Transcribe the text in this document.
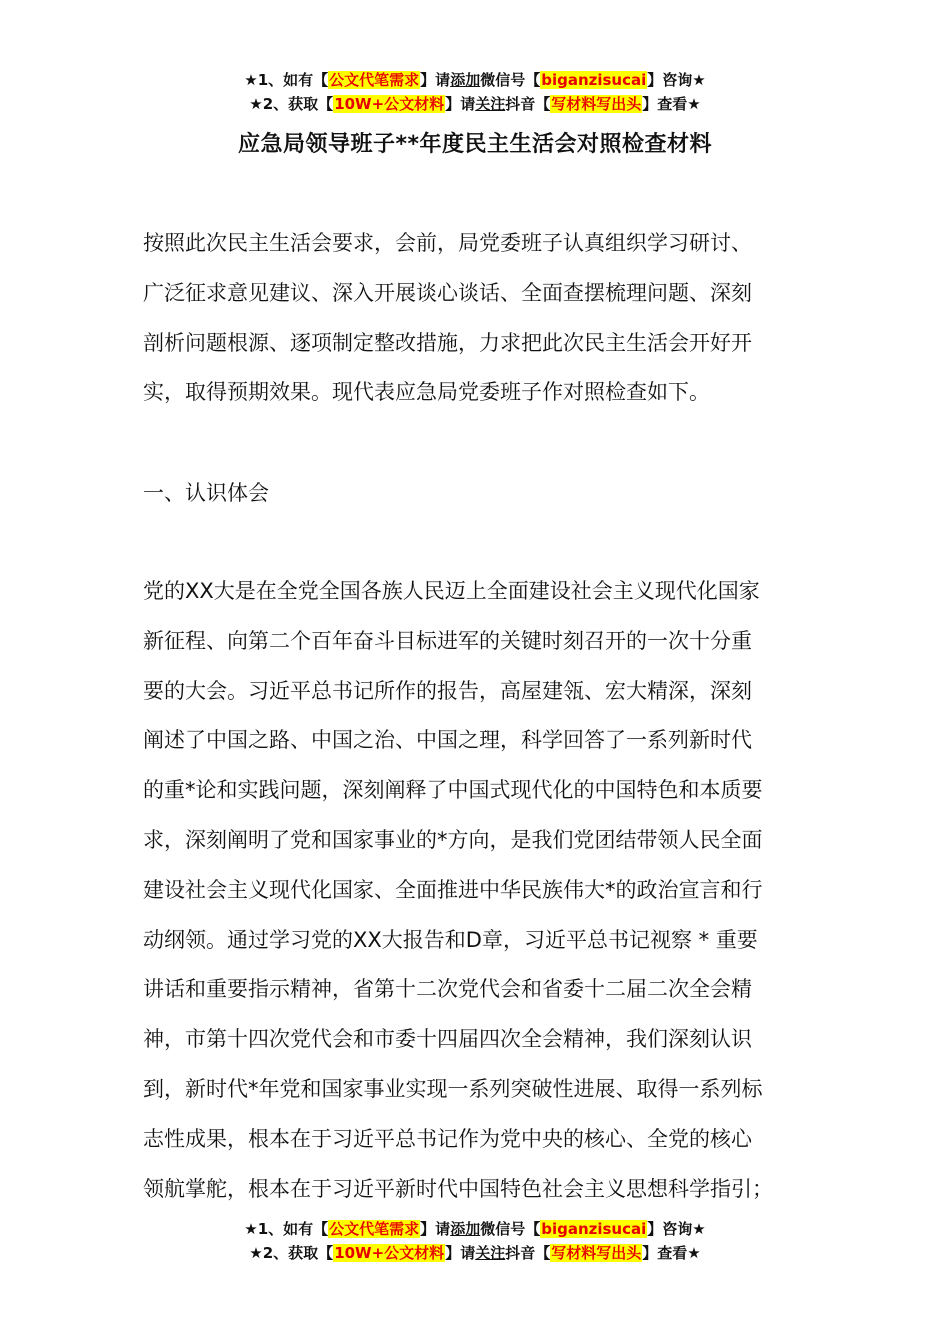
★1、如有【公文代笔需求】请添加微信号【biganzisucai】咨询★
★2、获取【10W+公文材料】请关注抖音【写材料写出头】查看★
应急局领导班子**年度民主生活会对照检查材料
按照此次民主生活会要求，会前，局党委班子认真组织学习研讨、
广泛征求意见建议、深入开展谈心谈话、全面查摆梳理问题、深刻
剖析问题根源、逐项制定整改措施，力求把此次民主生活会开好开
实，取得预期效果。现代表应急局党委班子作对照检查如下。
一、认识体会
党的XX大是在全党全国各族人民迈上全面建设社会主义现代化国家
新征程、向第二个百年奋斗目标进军的关键时刻召开的一次十分重
要的大会。习近平总书记所作的报告，高屋建瓴、宏大精深，深刻
阐述了中国之路、中国之治、中国之理，科学回答了一系列新时代
的重*论和实践问题，深刻阐释了中国式现代化的中国特色和本质要
求，深刻阐明了党和国家事业的*方向，是我们党团结带领人民全面
建设社会主义现代化国家、全面推进中华民族伟大*的政治宣言和行
动纲领。通过学习党的XX大报告和D章，习近平总书记视察 * 重要
讲话和重要指示精神，省第十二次党代会和省委十二届二次全会精
神，市第十四次党代会和市委十四届四次全会精神，我们深刻认识
到，新时代*年党和国家事业实现一系列突破性进展、取得一系列标
志性成果，根本在于习近平总书记作为党中央的核心、全党的核心
领航掌舵，根本在于习近平新时代中国特色社会主义思想科学指引；
★1、如有【公文代笔需求】请添加微信号【biganzisucai】咨询★
★2、获取【10W+公文材料】请关注抖音【写材料写出头】查看★
